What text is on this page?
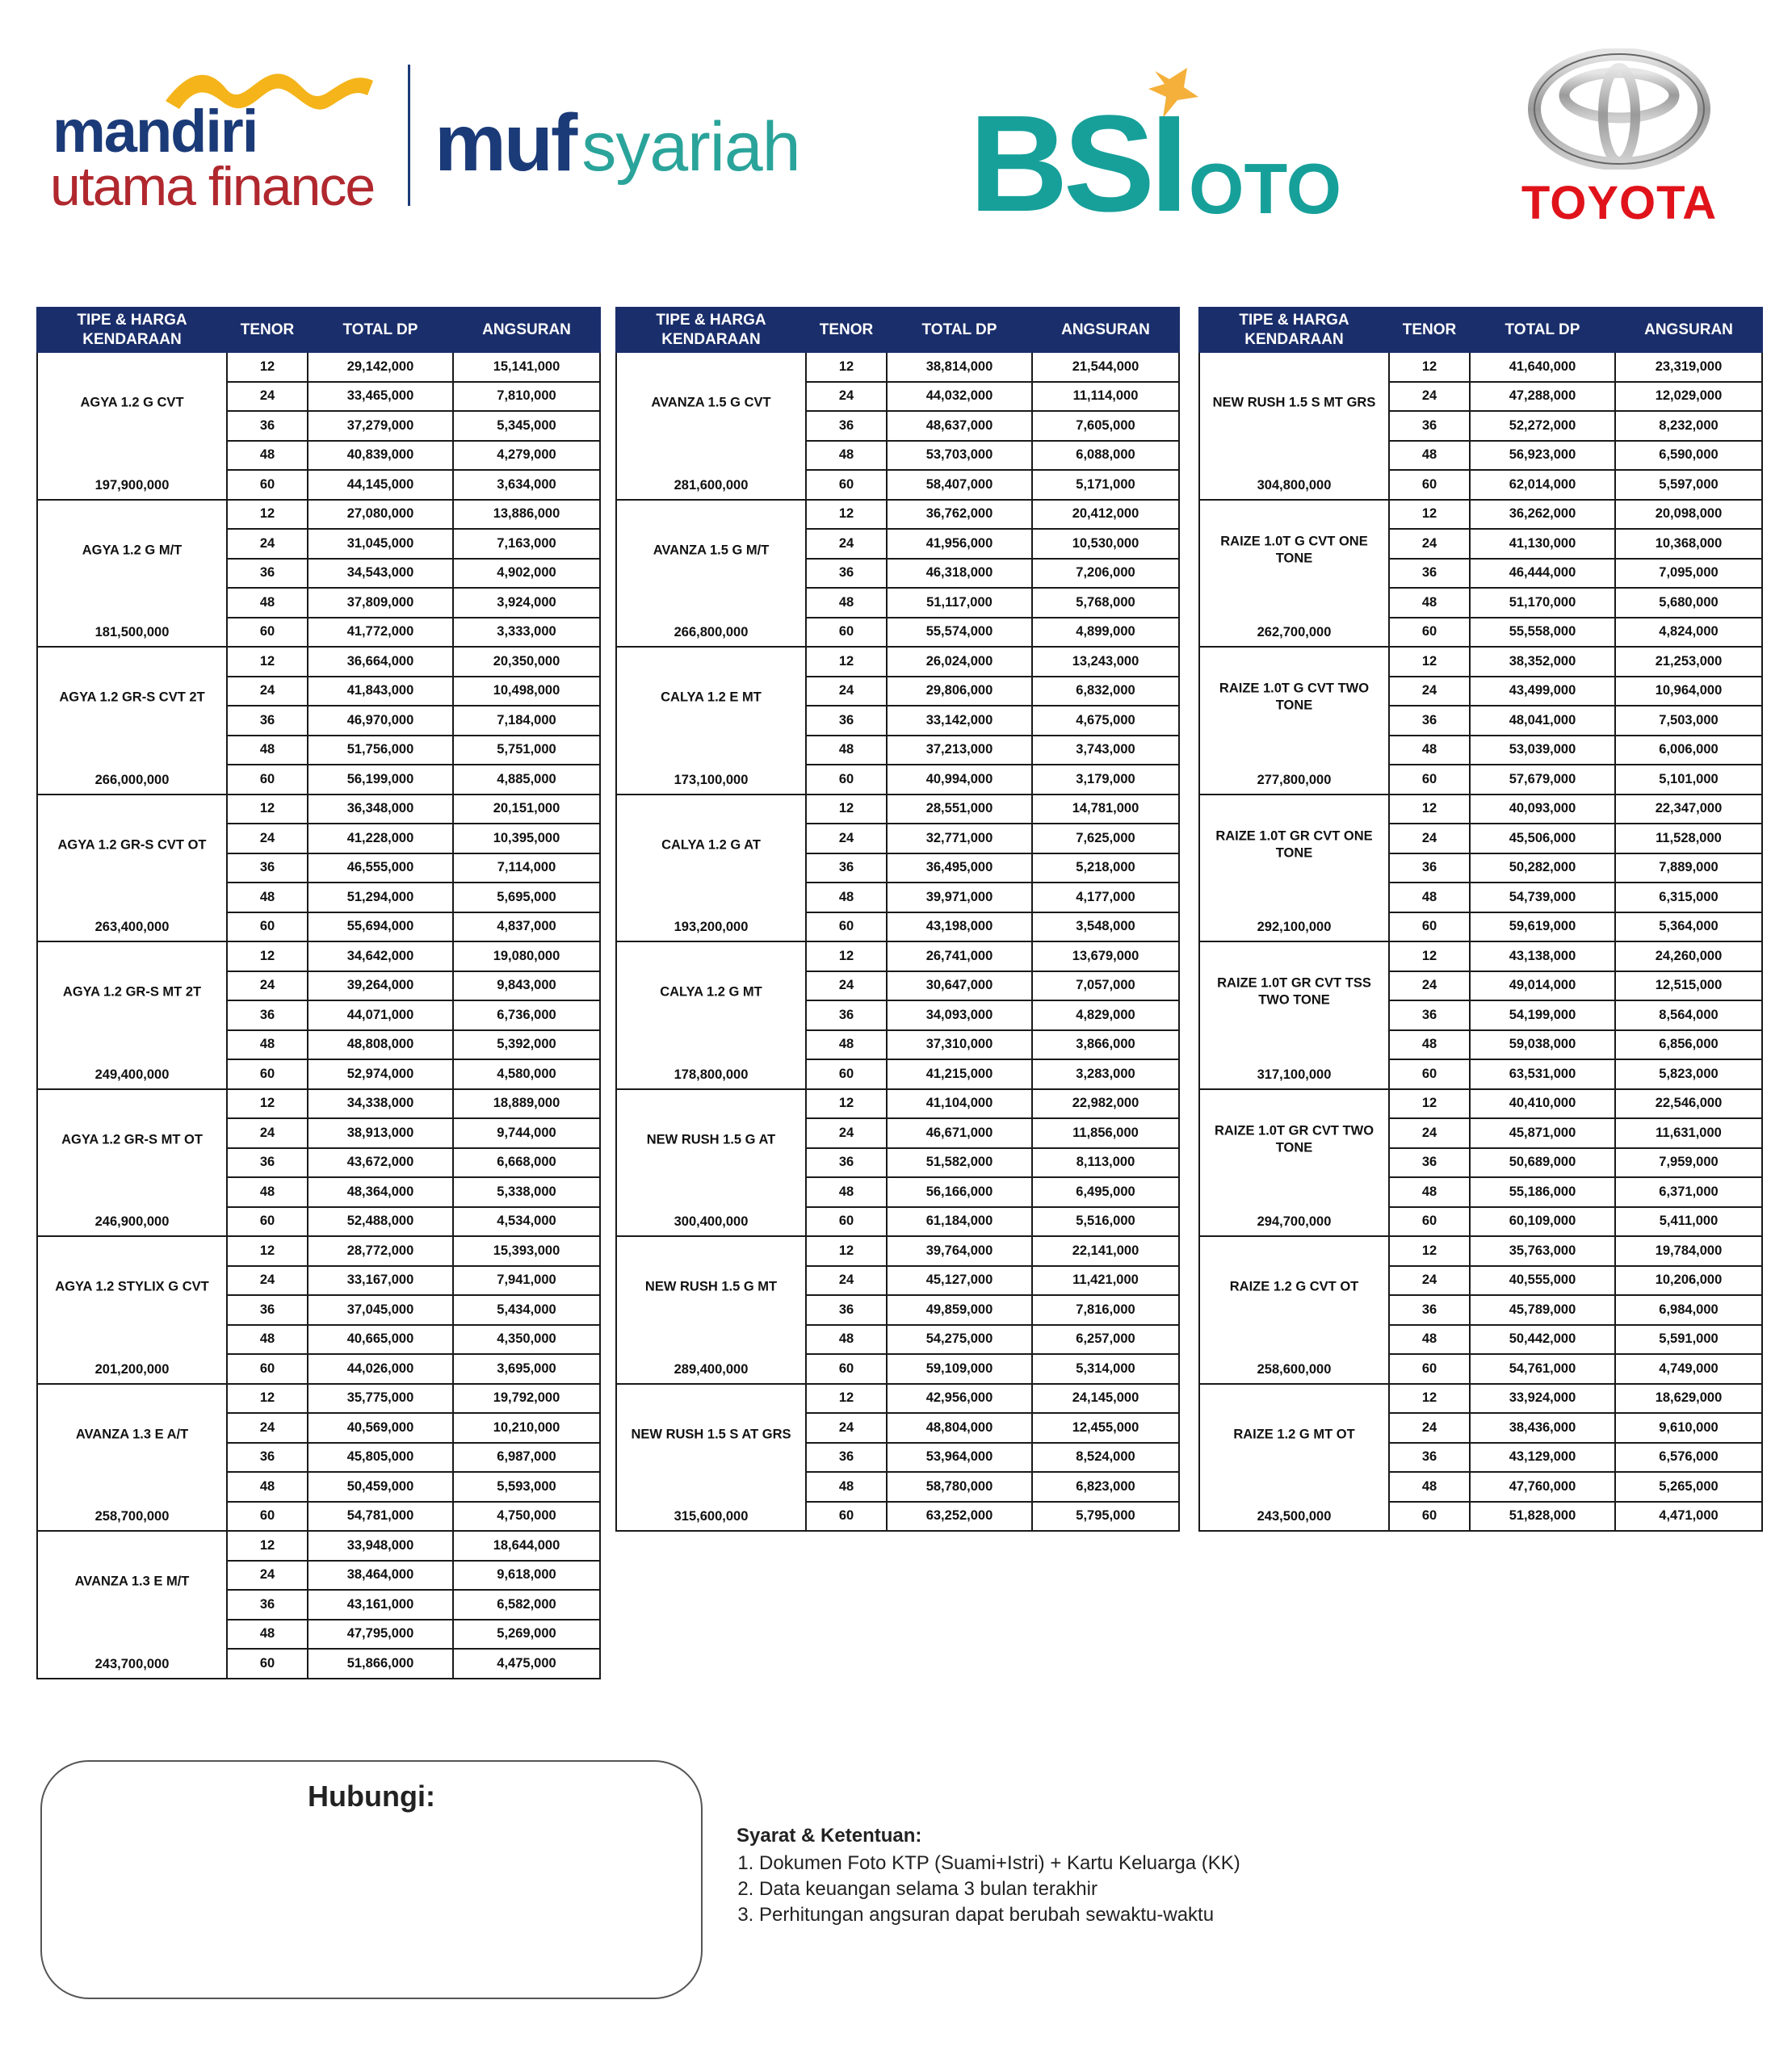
mandiri
utama finance mufsyariah BSI OTO	TOYOTA
TIPE & HARGA KENDARAAN	TENOR	TOTAL DP	ANGSURAN

AGYA 1.2 G CVT
197,900,000	12	29,142,000	15,141,000
	24	33,465,000	7,810,000
	36	37,279,000	5,345,000
	48	40,839,000	4,279,000
	60	44,145,000	3,634,000

AGYA 1.2 G M/T
181,500,000	12	27,080,000	13,886,000
	24	31,045,000	7,163,000
	36	34,543,000	4,902,000
	48	37,809,000	3,924,000
	60	41,772,000	3,333,000

AGYA 1.2 GR-S CVT 2T
266,000,000	12	36,664,000	20,350,000
	24	41,843,000	10,498,000
	36	46,970,000	7,184,000
	48	51,756,000	5,751,000
	60	56,199,000	4,885,000

AGYA 1.2 GR-S CVT OT
263,400,000	12	36,348,000	20,151,000
	24	41,228,000	10,395,000
	36	46,555,000	7,114,000
	48	51,294,000	5,695,000
	60	55,694,000	4,837,000

AGYA 1.2 GR-S MT 2T
249,400,000	12	34,642,000	19,080,000
	24	39,264,000	9,843,000
	36	44,071,000	6,736,000
	48	48,808,000	5,392,000
	60	52,974,000	4,580,000

AGYA 1.2 GR-S MT OT
246,900,000	12	34,338,000	18,889,000
	24	38,913,000	9,744,000
	36	43,672,000	6,668,000
	48	48,364,000	5,338,000
	60	52,488,000	4,534,000

AGYA 1.2 STYLIX G CVT
201,200,000	12	28,772,000	15,393,000
	24	33,167,000	7,941,000
	36	37,045,000	5,434,000
	48	40,665,000	4,350,000
	60	44,026,000	3,695,000

AVANZA 1.3 E A/T
258,700,000	12	35,775,000	19,792,000
	24	40,569,000	10,210,000
	36	45,805,000	6,987,000
	48	50,459,000	5,593,000
	60	54,781,000	4,750,000

AVANZA 1.3 E M/T
243,700,000	12	33,948,000	18,644,000
	24	38,464,000	9,618,000
	36	43,161,000	6,582,000
	48	47,795,000	5,269,000
	60	51,866,000	4,475,000
TIPE & HARGA KENDARAAN	TENOR	TOTAL DP	ANGSURAN

AVANZA 1.5 G CVT
281,600,000	12	38,814,000	21,544,000
	24	44,032,000	11,114,000
	36	48,637,000	7,605,000
	48	53,703,000	6,088,000
	60	58,407,000	5,171,000

AVANZA 1.5 G M/T
266,800,000	12	36,762,000	20,412,000
	24	41,956,000	10,530,000
	36	46,318,000	7,206,000
	48	51,117,000	5,768,000
	60	55,574,000	4,899,000

CALYA 1.2 E MT
173,100,000	12	26,024,000	13,243,000
	24	29,806,000	6,832,000
	36	33,142,000	4,675,000
	48	37,213,000	3,743,000
	60	40,994,000	3,179,000

CALYA 1.2 G AT
193,200,000	12	28,551,000	14,781,000
	24	32,771,000	7,625,000
	36	36,495,000	5,218,000
	48	39,971,000	4,177,000
	60	43,198,000	3,548,000

CALYA 1.2 G MT
178,800,000	12	26,741,000	13,679,000
	24	30,647,000	7,057,000
	36	34,093,000	4,829,000
	48	37,310,000	3,866,000
	60	41,215,000	3,283,000

NEW RUSH 1.5 G AT
300,400,000	12	41,104,000	22,982,000
	24	46,671,000	11,856,000
	36	51,582,000	8,113,000
	48	56,166,000	6,495,000
	60	61,184,000	5,516,000

NEW RUSH 1.5 G MT
289,400,000	12	39,764,000	22,141,000
	24	45,127,000	11,421,000
	36	49,859,000	7,816,000
	48	54,275,000	6,257,000
	60	59,109,000	5,314,000

NEW RUSH 1.5 S AT GRS
315,600,000	12	42,956,000	24,145,000
	24	48,804,000	12,455,000
	36	53,964,000	8,524,000
	48	58,780,000	6,823,000
	60	63,252,000	5,795,000
TIPE & HARGA KENDARAAN	TENOR	TOTAL DP	ANGSURAN

NEW RUSH 1.5 S MT GRS
304,800,000	12	41,640,000	23,319,000
	24	47,288,000	12,029,000
	36	52,272,000	8,232,000
	48	56,923,000	6,590,000
	60	62,014,000	5,597,000

RAIZE 1.0T G CVT ONE TONE
262,700,000	12	36,262,000	20,098,000
	24	41,130,000	10,368,000
	36	46,444,000	7,095,000
	48	51,170,000	5,680,000
	60	55,558,000	4,824,000

RAIZE 1.0T G CVT TWO TONE
277,800,000	12	38,352,000	21,253,000
	24	43,499,000	10,964,000
	36	48,041,000	7,503,000
	48	53,039,000	6,006,000
	60	57,679,000	5,101,000

RAIZE 1.0T GR CVT ONE TONE
292,100,000	12	40,093,000	22,347,000
	24	45,506,000	11,528,000
	36	50,282,000	7,889,000
	48	54,739,000	6,315,000
	60	59,619,000	5,364,000

RAIZE 1.0T GR CVT TSS TWO TONE
317,100,000	12	43,138,000	24,260,000
	24	49,014,000	12,515,000
	36	54,199,000	8,564,000
	48	59,038,000	6,856,000
	60	63,531,000	5,823,000

RAIZE 1.0T GR CVT TWO TONE
294,700,000	12	40,410,000	22,546,000
	24	45,871,000	11,631,000
	36	50,689,000	7,959,000
	48	55,186,000	6,371,000
	60	60,109,000	5,411,000

RAIZE 1.2 G CVT OT
258,600,000	12	35,763,000	19,784,000
	24	40,555,000	10,206,000
	36	45,789,000	6,984,000
	48	50,442,000	5,591,000
	60	54,761,000	4,749,000

RAIZE 1.2 G MT OT
243,500,000	12	33,924,000	18,629,000
	24	38,436,000	9,610,000
	36	43,129,000	6,576,000
	48	47,760,000	5,265,000
	60	51,828,000	4,471,000
Hubungi:
Syarat & Ketentuan:
1. Dokumen Foto KTP (Suami+Istri) + Kartu Keluarga (KK)
2. Data keuangan selama 3 bulan terakhir
3. Perhitungan angsuran dapat berubah sewaktu-waktu
